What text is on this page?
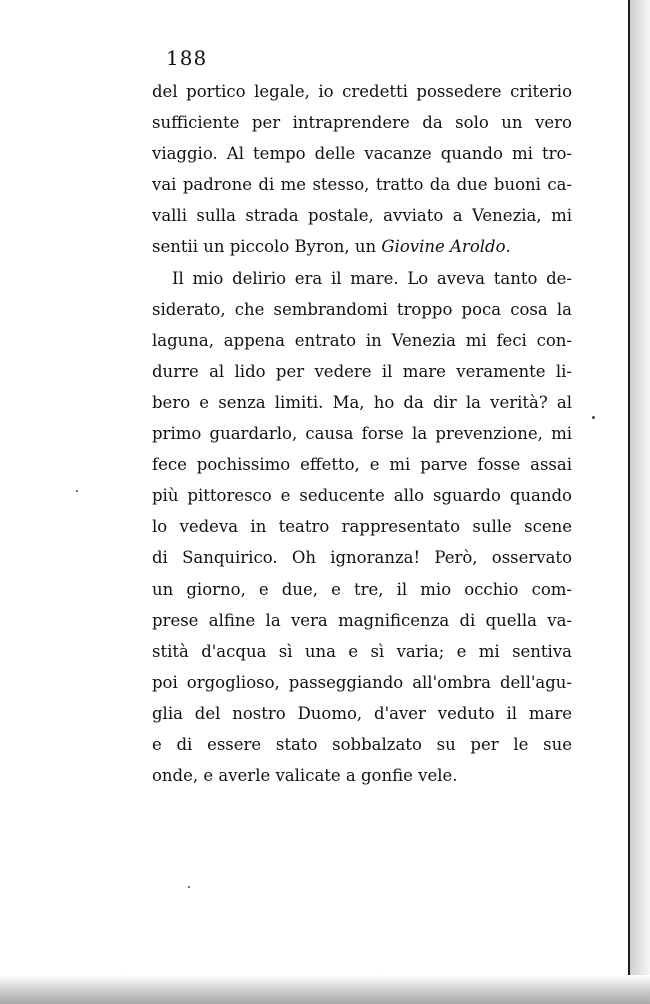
188
del portico legale, io credetti possedere criterio
sufficiente per intraprendere da solo un vero
viaggio. Al tempo delle vacanze quando mi tro-
vai padrone di me stesso, tratto da due buoni ca-
valli sulla strada postale, avviato a Venezia, mi
sentii un piccolo Byron, un Giovine Aroldo.
Il mio delirio era il mare. Lo aveva tanto de-
siderato, che sembrandomi troppo poca cosa la
laguna, appena entrato in Venezia mi feci con-
durre al lido per vedere il mare veramente li-
bero e senza limiti. Ma, ho da dir la verità? al
primo guardarlo, causa forse la prevenzione, mi
fece pochissimo effetto, e mi parve fosse assai
più pittoresco e seducente allo sguardo quando
lo vedeva in teatro rappresentato sulle scene
di Sanquirico. Oh ignoranza! Però, osservato
un giorno, e due, e tre, il mio occhio com-
prese alfine la vera magnificenza di quella va-
stità d'acqua sì una e sì varia; e mi sentiva
poi orgoglioso, passeggiando all'ombra dell'agu-
glia del nostro Duomo, d'aver veduto il mare
e di essere stato sobbalzato su per le sue
onde, e averle valicate a gonfie vele.
